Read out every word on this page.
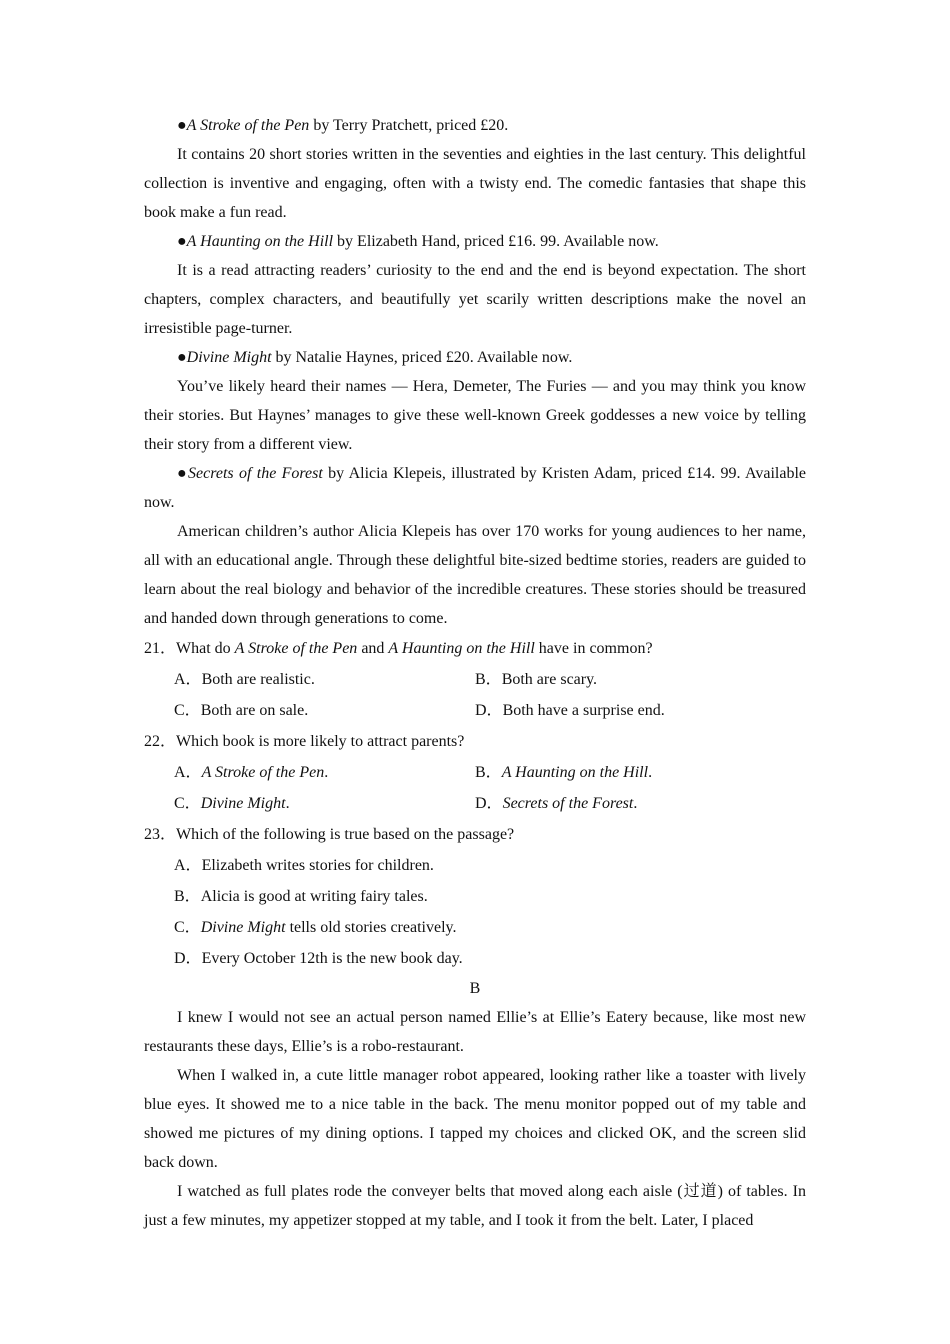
●A Stroke of the Pen by Terry Pratchett, priced £20.

It contains 20 short stories written in the seventies and eighties in the last century. This delightful collection is inventive and engaging, often with a twisty end. The comedic fantasies that shape this book make a fun read.

●A Haunting on the Hill by Elizabeth Hand, priced £16. 99. Available now.

It is a read attracting readers’ curiosity to the end and the end is beyond expectation. The short chapters, complex characters, and beautifully yet scarily written descriptions make the novel an irresistible page-turner.

●Divine Might by Natalie Haynes, priced £20. Available now.

You’ve likely heard their names — Hera, Demeter, The Furies — and you may think you know their stories. But Haynes’ manages to give these well-known Greek goddesses a new voice by telling their story from a different view.

●Secrets of the Forest by Alicia Klepeis, illustrated by Kristen Adam, priced £14. 99. Available now.

American children’s author Alicia Klepeis has over 170 works for young audiences to her name, all with an educational angle. Through these delightful bite-sized bedtime stories, readers are guided to learn about the real biology and behavior of the incredible creatures. These stories should be treasured and handed down through generations to come.

21．What do A Stroke of the Pen and A Haunting on the Hill have in common?

A．Both are realistic.	B．Both are scary.
C．Both are on sale.	D．Both have a surprise end.

22．Which book is more likely to attract parents?

A．A Stroke of the Pen.	B．A Haunting on the Hill.
C．Divine Might.	D．Secrets of the Forest.

23．Which of the following is true based on the passage?

A．Elizabeth writes stories for children.
B．Alicia is good at writing fairy tales.
C．Divine Might tells old stories creatively.
D．Every October 12th is the new book day.

B

I knew I would not see an actual person named Ellie’s at Ellie’s Eatery because, like most new restaurants these days, Ellie’s is a robo-restaurant.

When I walked in, a cute little manager robot appeared, looking rather like a toaster with lively blue eyes. It showed me to a nice table in the back. The menu monitor popped out of my table and showed me pictures of my dining options. I tapped my choices and clicked OK, and the screen slid back down.

I watched as full plates rode the conveyer belts that moved along each aisle (过道) of tables. In just a few minutes, my appetizer stopped at my table, and I took it from the belt. Later, I placed
